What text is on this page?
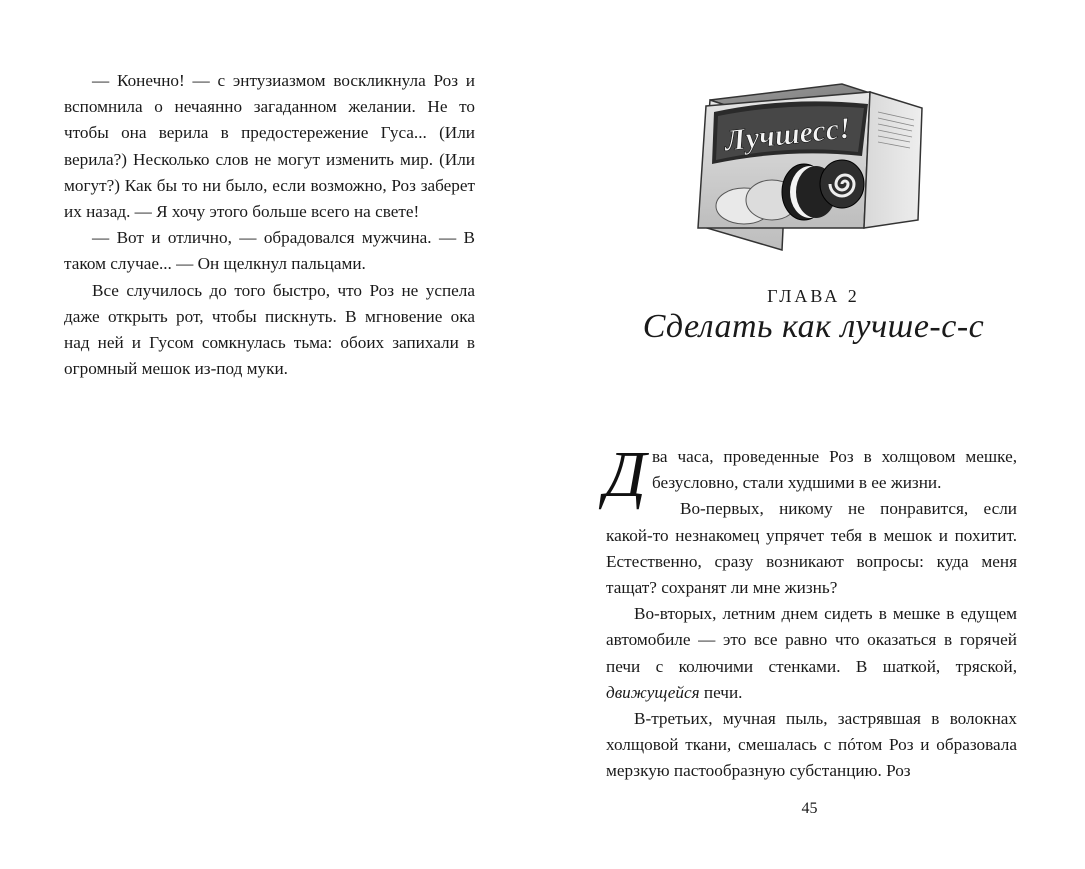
— Конечно! — с энтузиазмом воскликнула Роз и вспомнила о нечаянно загаданном желании. Не то чтобы она верила в предостережение Гуса... (Или верила?) Несколько слов не могут изменить мир. (Или могут?) Как бы то ни было, если возможно, Роз заберет их назад. — Я хочу этого больше всего на свете!

— Вот и отлично, — обрадовался мужчина. — В таком случае... — Он щелкнул пальцами.

Все случилось до того быстро, что Роз не успела даже открыть рот, чтобы пискнуть. В мгновение ока над ней и Гусом сомкнулась тьма: обоих запихали в огромный мешок из-под муки.

Лучшесс!
ГЛАВА 2
Сделать как лучше-с-с

Два часа, проведенные Роз в холщовом мешке, безусловно, стали худшими в ее жизни.

Во-первых, никому не понравится, если какой-то незнакомец упрячет тебя в мешок и похитит. Естественно, сразу возникают вопросы: куда меня тащат? сохранят ли мне жизнь?

Во-вторых, летним днем сидеть в мешке в едущем автомобиле — это все равно что оказаться в горячей печи с колючими стенками. В шаткой, тряской, движущейся печи.

В-третьих, мучная пыль, застрявшая в волокнах холщовой ткани, смешалась с пóтом Роз и образовала мерзкую пастообразную субстанцию. Роз

45
